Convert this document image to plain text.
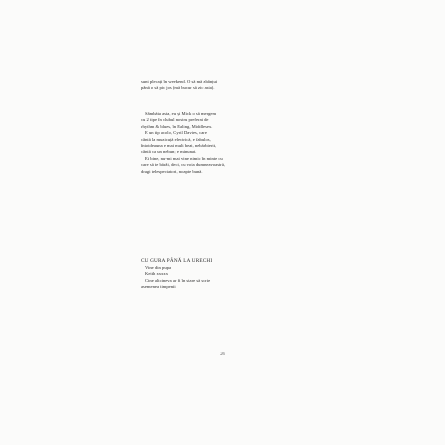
sunt plecați în weekend. O să mă zbânțui
până o să pic jos (mă bucur să zic asta).
Sâmbăta asta, eu și Mick o să mergem
cu 2 tipe în clubul nostru preferat de
rhythm & blues, în Ealing, Middlesex.
E un tip acolo, Cyril Davies, care
cântă la muzicuță electrică, e fabulos,
întotdeauna e mai mult beat, nebărbierit,
cântă ca un nebun; e minunat.
Ei bine, nu-mi mai vine nimic în minte cu
care să te bărâi, deci, cu voia dumneavoastră,
dragi telespectatori, noapte bună.
CU GURA PÂNĂ LA URECHI
Vine din pupa
Keith xxxxx
Cine altcineva ar fi în stare să scrie
asemenea timpenii
26
